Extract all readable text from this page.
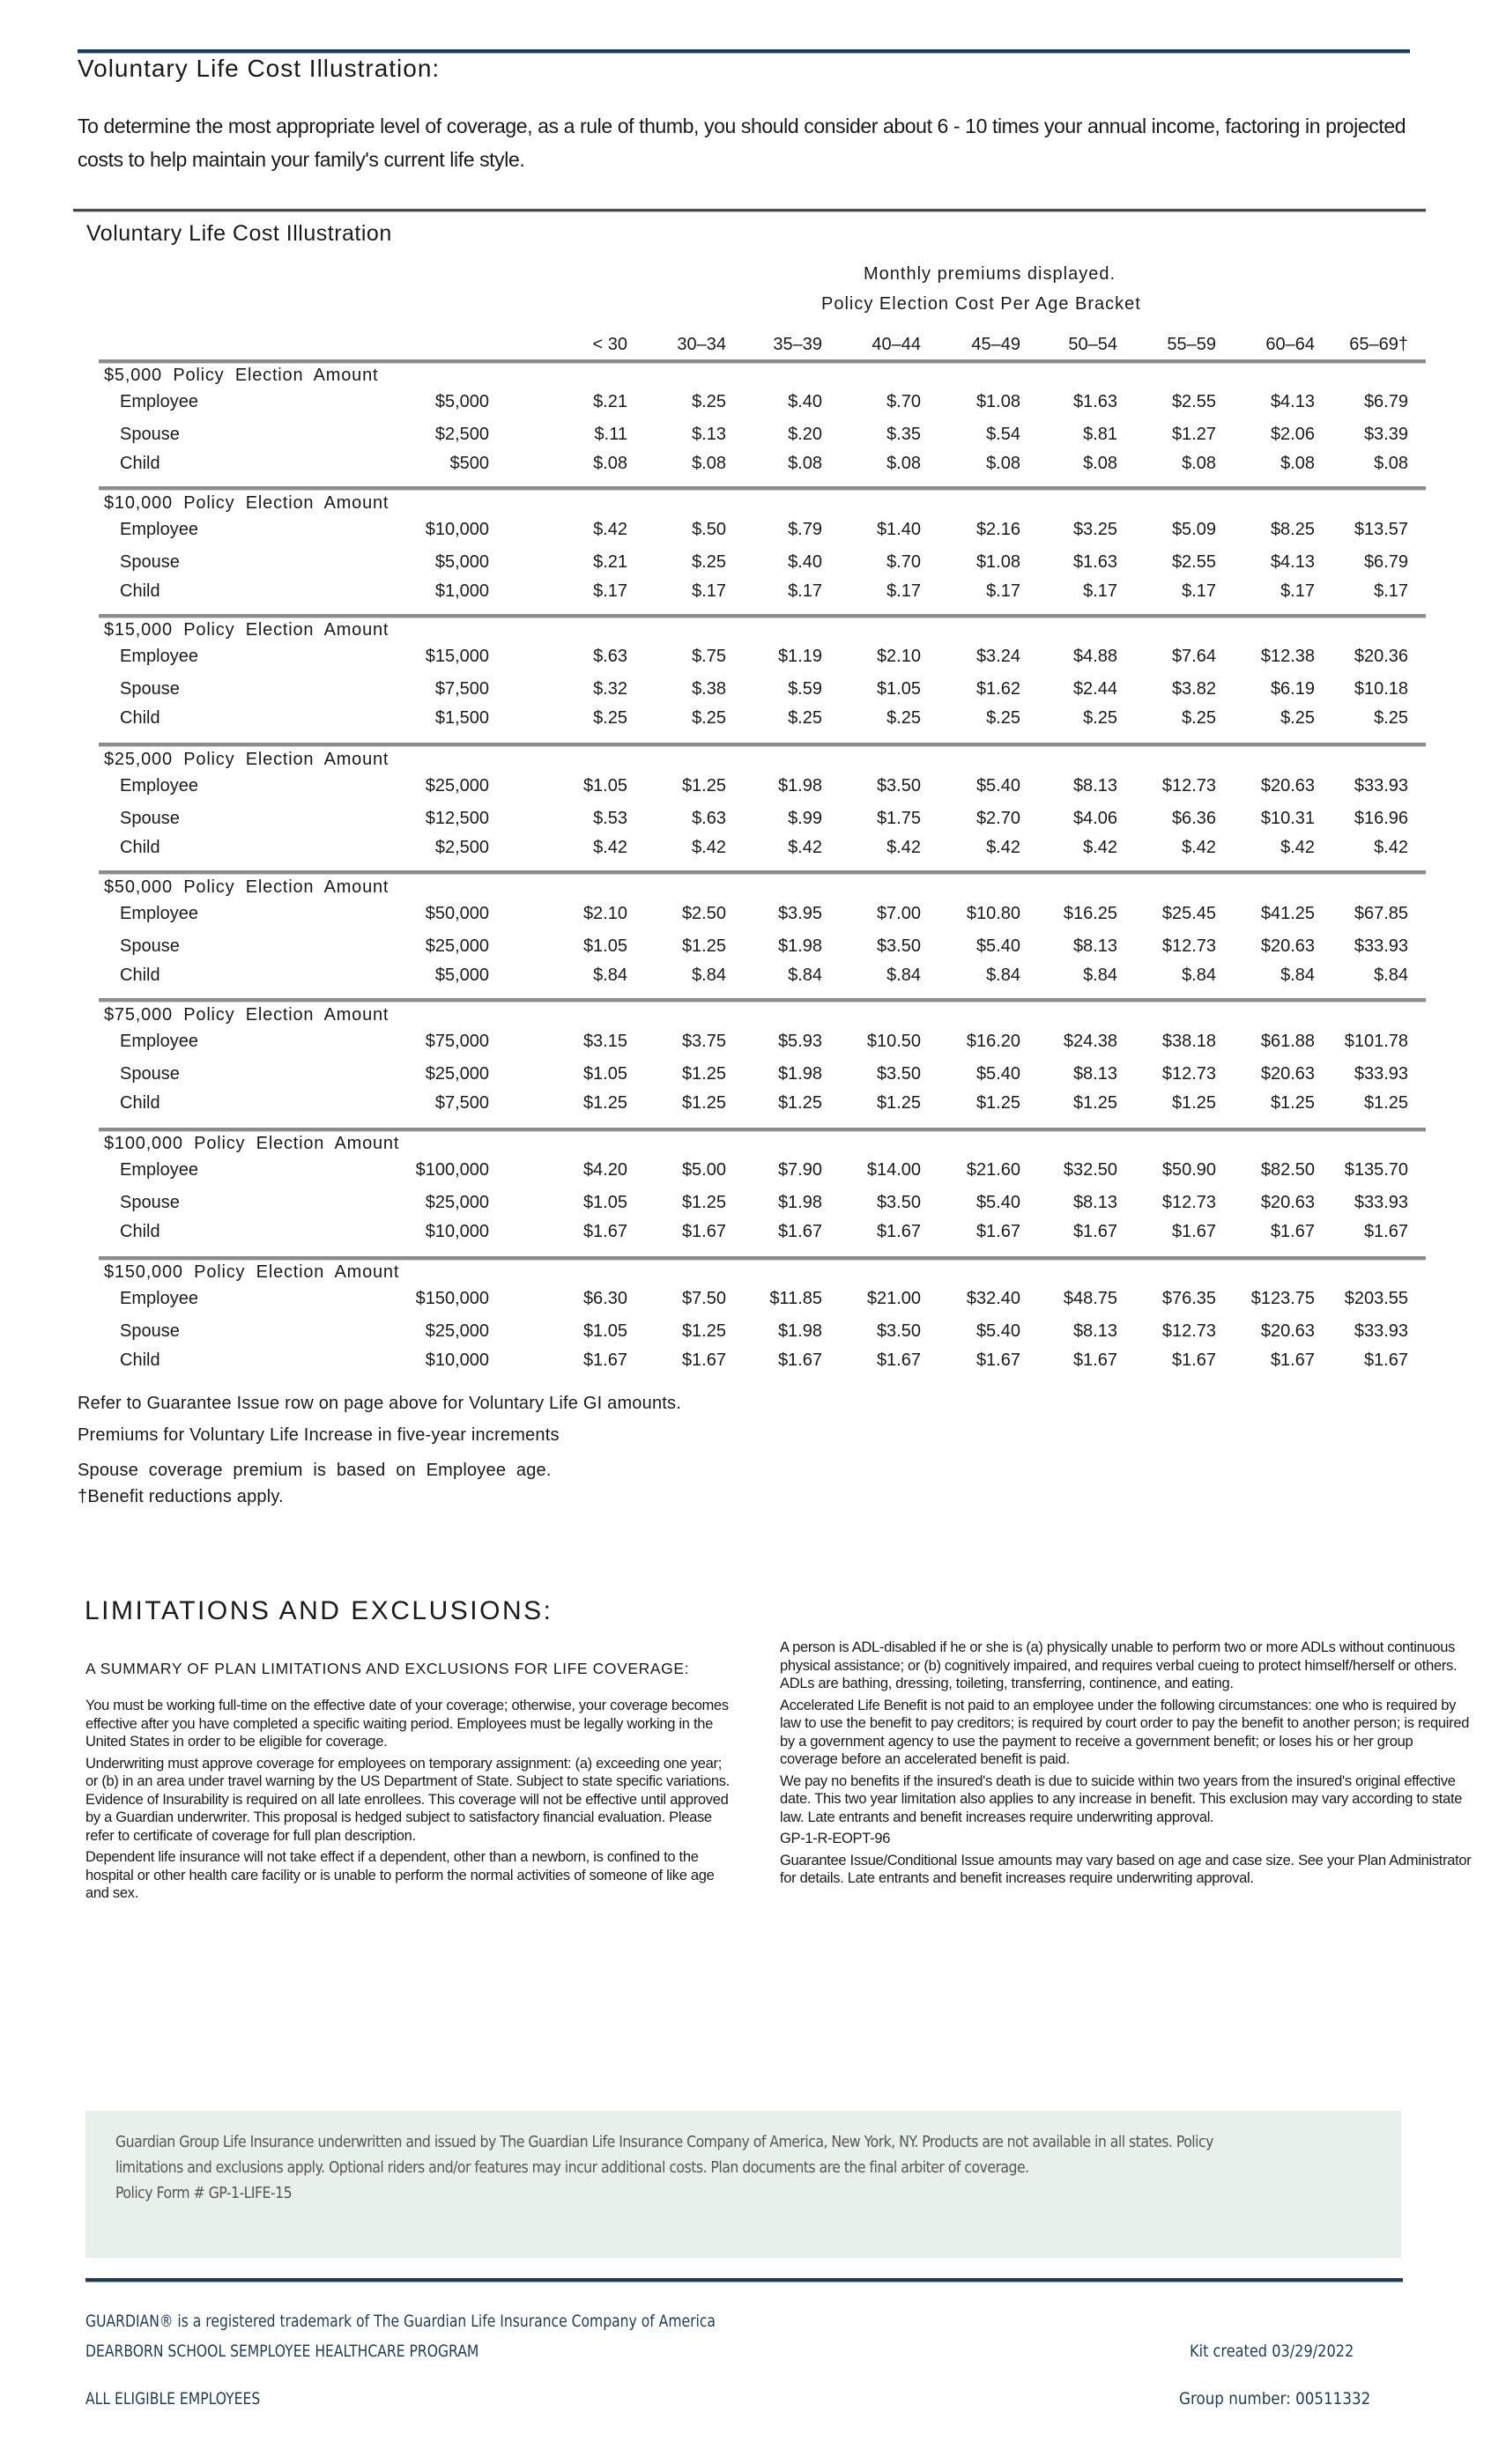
Voluntary Life Cost Illustration:
To determine the most appropriate level of coverage, as a rule of thumb, you should consider about 6 - 10 times your annual income, factoring in projected costs to help maintain your family's current life style.
Voluntary Life Cost Illustration
Monthly premiums displayed.
Policy Election Cost Per Age Bracket
< 30	30–34	35–39	40–44	45–49	50–54	55–59	60–64	65–69†
$5,000 Policy Election Amount
Employee	$5,000	$.21	$.25	$.40	$.70	$1.08	$1.63	$2.55	$4.13	$6.79
Spouse	$2,500	$.11	$.13	$.20	$.35	$.54	$.81	$1.27	$2.06	$3.39
Child	$500	$.08	$.08	$.08	$.08	$.08	$.08	$.08	$.08	$.08
$10,000 Policy Election Amount
Employee	$10,000	$.42	$.50	$.79	$1.40	$2.16	$3.25	$5.09	$8.25	$13.57
Spouse	$5,000	$.21	$.25	$.40	$.70	$1.08	$1.63	$2.55	$4.13	$6.79
Child	$1,000	$.17	$.17	$.17	$.17	$.17	$.17	$.17	$.17	$.17
$15,000 Policy Election Amount
Employee	$15,000	$.63	$.75	$1.19	$2.10	$3.24	$4.88	$7.64	$12.38	$20.36
Spouse	$7,500	$.32	$.38	$.59	$1.05	$1.62	$2.44	$3.82	$6.19	$10.18
Child	$1,500	$.25	$.25	$.25	$.25	$.25	$.25	$.25	$.25	$.25
$25,000 Policy Election Amount
Employee	$25,000	$1.05	$1.25	$1.98	$3.50	$5.40	$8.13	$12.73	$20.63	$33.93
Spouse	$12,500	$.53	$.63	$.99	$1.75	$2.70	$4.06	$6.36	$10.31	$16.96
Child	$2,500	$.42	$.42	$.42	$.42	$.42	$.42	$.42	$.42	$.42
$50,000 Policy Election Amount
Employee	$50,000	$2.10	$2.50	$3.95	$7.00	$10.80	$16.25	$25.45	$41.25	$67.85
Spouse	$25,000	$1.05	$1.25	$1.98	$3.50	$5.40	$8.13	$12.73	$20.63	$33.93
Child	$5,000	$.84	$.84	$.84	$.84	$.84	$.84	$.84	$.84	$.84
$75,000 Policy Election Amount
Employee	$75,000	$3.15	$3.75	$5.93	$10.50	$16.20	$24.38	$38.18	$61.88	$101.78
Spouse	$25,000	$1.05	$1.25	$1.98	$3.50	$5.40	$8.13	$12.73	$20.63	$33.93
Child	$7,500	$1.25	$1.25	$1.25	$1.25	$1.25	$1.25	$1.25	$1.25	$1.25
$100,000 Policy Election Amount
Employee	$100,000	$4.20	$5.00	$7.90	$14.00	$21.60	$32.50	$50.90	$82.50	$135.70
Spouse	$25,000	$1.05	$1.25	$1.98	$3.50	$5.40	$8.13	$12.73	$20.63	$33.93
Child	$10,000	$1.67	$1.67	$1.67	$1.67	$1.67	$1.67	$1.67	$1.67	$1.67
$150,000 Policy Election Amount
Employee	$150,000	$6.30	$7.50	$11.85	$21.00	$32.40	$48.75	$76.35	$123.75	$203.55
Spouse	$25,000	$1.05	$1.25	$1.98	$3.50	$5.40	$8.13	$12.73	$20.63	$33.93
Child	$10,000	$1.67	$1.67	$1.67	$1.67	$1.67	$1.67	$1.67	$1.67	$1.67
Refer to Guarantee Issue row on page above for Voluntary Life GI amounts.
Premiums for Voluntary Life Increase in five-year increments
Spouse coverage premium is based on Employee age.
†Benefit reductions apply.
LIMITATIONS AND EXCLUSIONS:
A SUMMARY OF PLAN LIMITATIONS AND EXCLUSIONS FOR LIFE COVERAGE:

You must be working full-time on the effective date of your coverage; otherwise, your coverage becomes effective after you have completed a specific waiting period. Employees must be legally working in the United States in order to be eligible for coverage.

Underwriting must approve coverage for employees on temporary assignment: (a) exceeding one year; or (b) in an area under travel warning by the US Department of State. Subject to state specific variations. Evidence of Insurability is required on all late enrollees. This coverage will not be effective until approved by a Guardian underwriter. This proposal is hedged subject to satisfactory financial evaluation. Please refer to certificate of coverage for full plan description.

Dependent life insurance will not take effect if a dependent, other than a newborn, is confined to the hospital or other health care facility or is unable to perform the normal activities of someone of like age and sex.

A person is ADL-disabled if he or she is (a) physically unable to perform two or more ADLs without continuous physical assistance; or (b) cognitively impaired, and requires verbal cueing to protect himself/herself or others. ADLs are bathing, dressing, toileting, transferring, continence, and eating.

Accelerated Life Benefit is not paid to an employee under the following circumstances: one who is required by law to use the benefit to pay creditors; is required by court order to pay the benefit to another person; is required by a government agency to use the payment to receive a government benefit; or loses his or her group coverage before an accelerated benefit is paid.

We pay no benefits if the insured's death is due to suicide within two years from the insured's original effective date. This two year limitation also applies to any increase in benefit. This exclusion may vary according to state law. Late entrants and benefit increases require underwriting approval.

GP-1-R-EOPT-96

Guarantee Issue/Conditional Issue amounts may vary based on age and case size. See your Plan Administrator for details. Late entrants and benefit increases require underwriting approval.

Guardian Group Life Insurance underwritten and issued by The Guardian Life Insurance Company of America, New York, NY. Products are not available in all states. Policy limitations and exclusions apply. Optional riders and/or features may incur additional costs. Plan documents are the final arbiter of coverage.
Policy Form # GP-1-LIFE-15
GUARDIAN® is a registered trademark of The Guardian Life Insurance Company of America
DEARBORN SCHOOL SEMPLOYEE HEALTHCARE PROGRAM	Kit created 03/29/2022
ALL ELIGIBLE EMPLOYEES	Group number: 00511332
